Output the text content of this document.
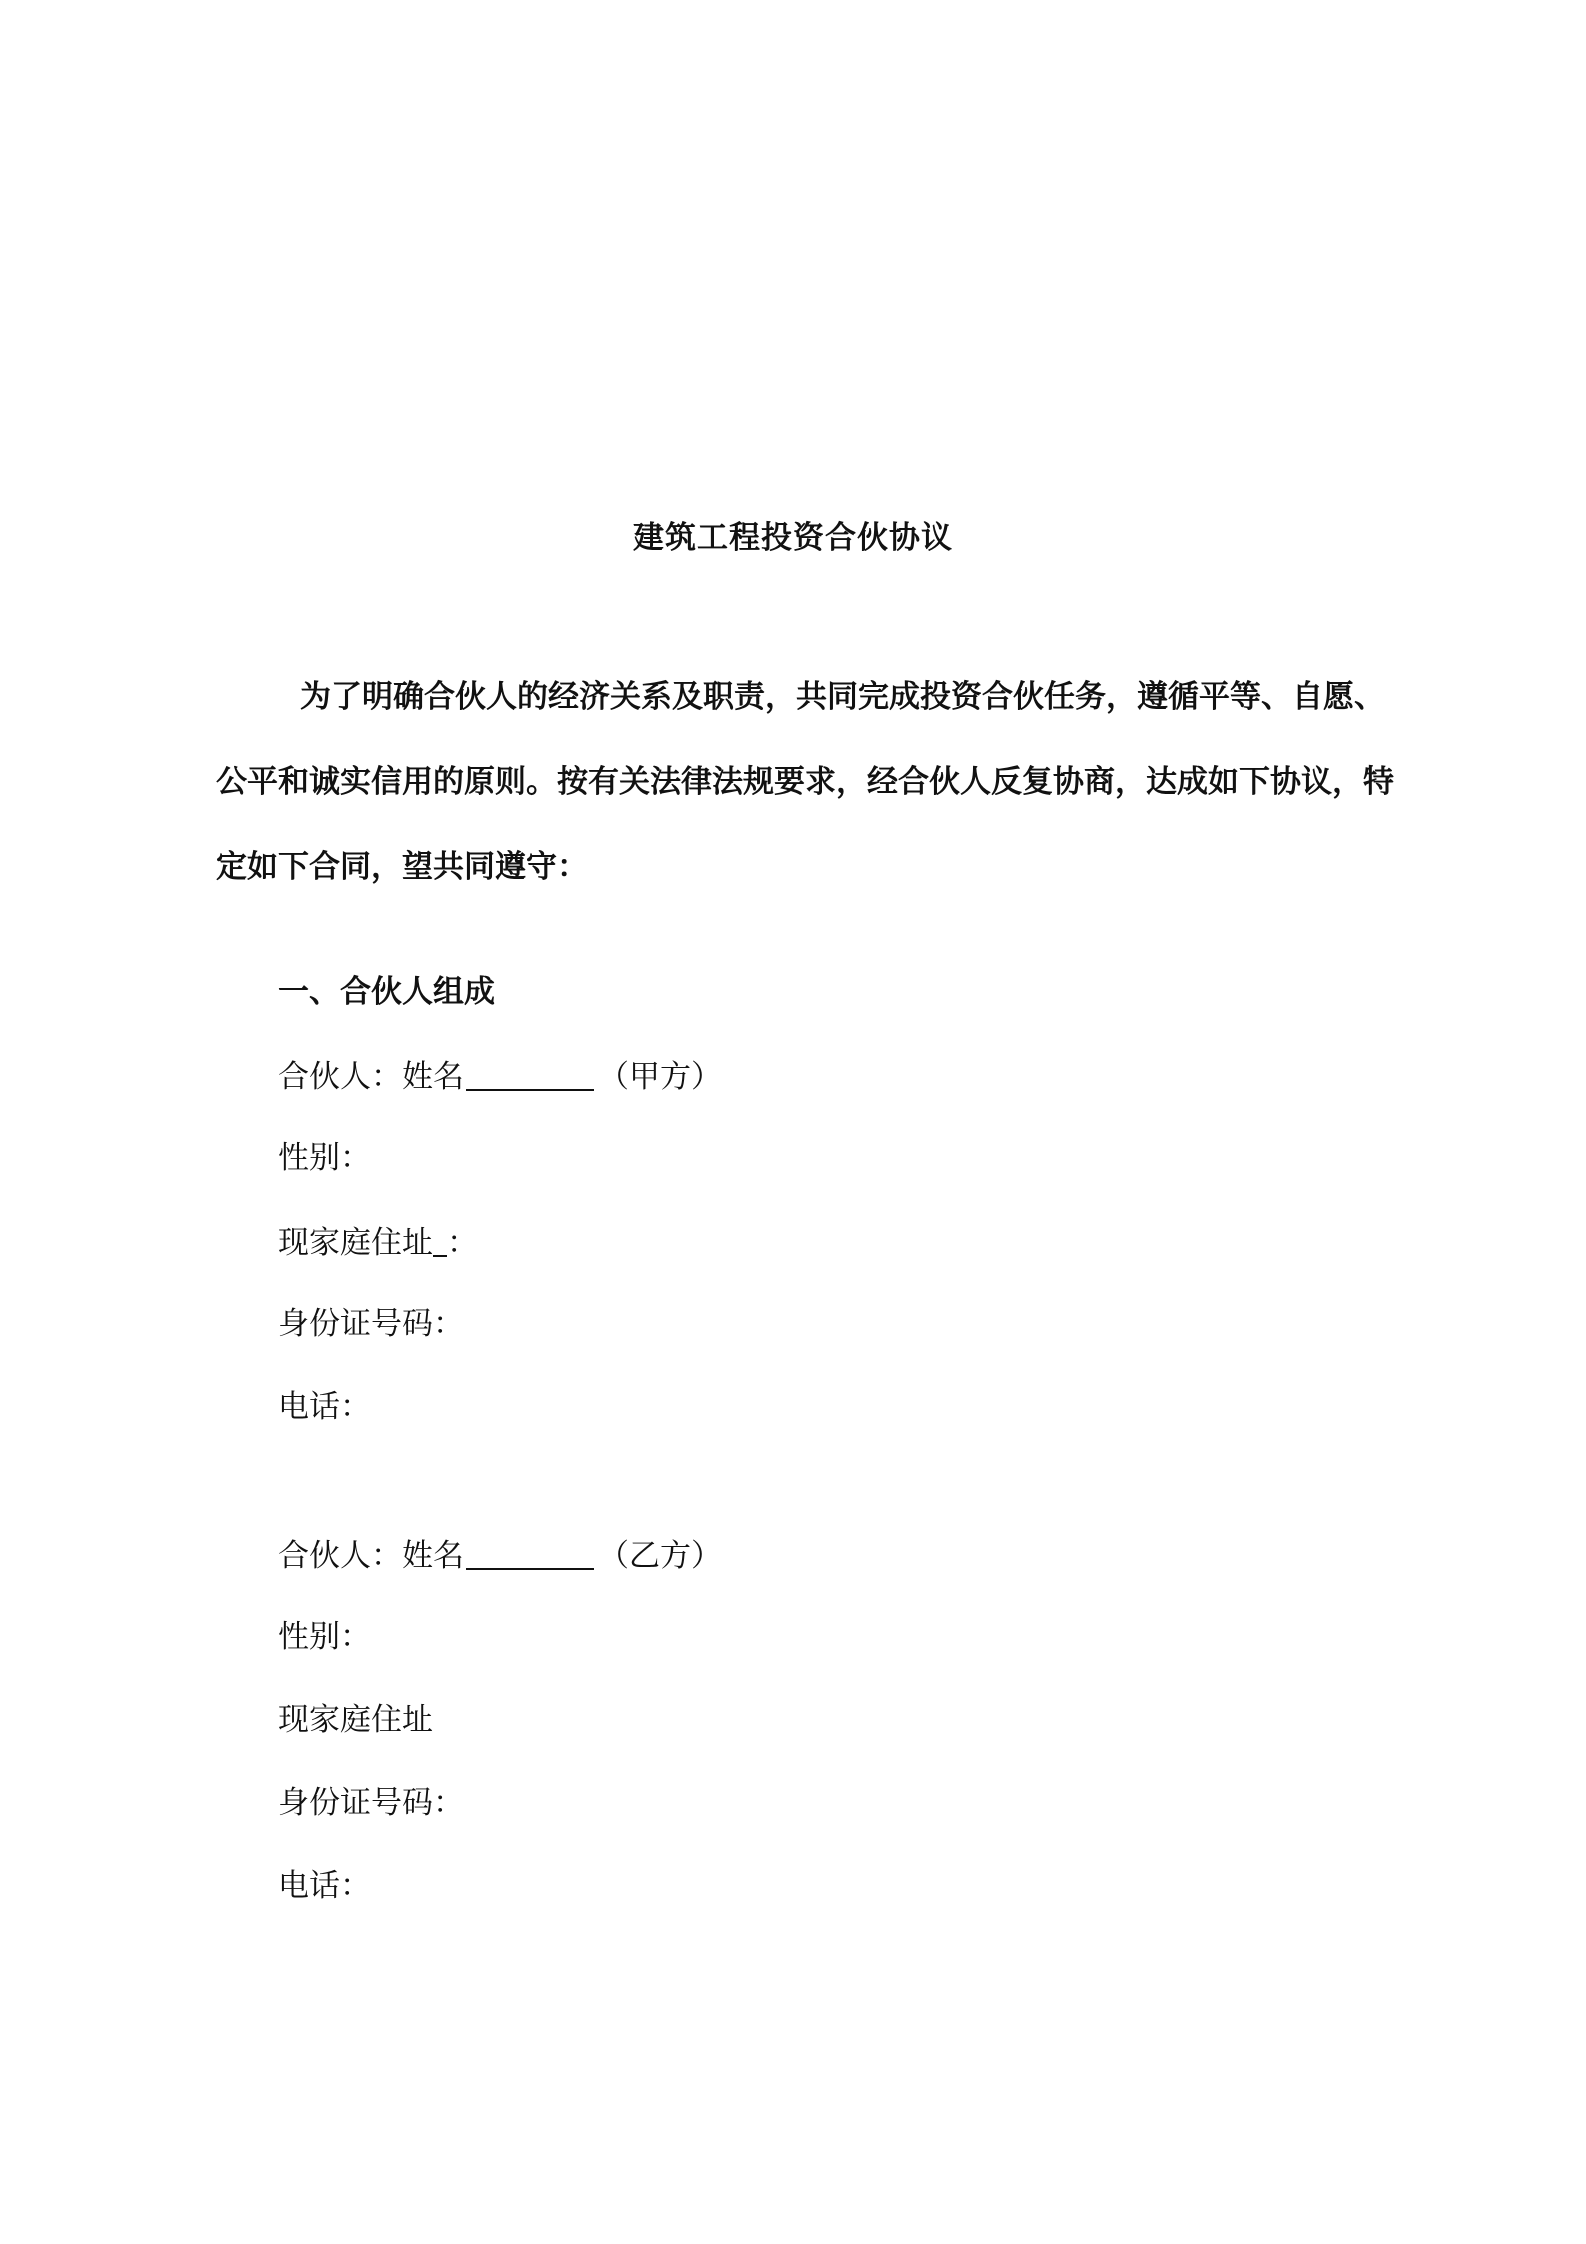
建筑工程投资合伙协议
为了明确合伙人的经济关系及职责，共同完成投资合伙任务，遵循平等、自愿、
公平和诚实信用的原则。按有关法律法规要求，经合伙人反复协商，达成如下协议，特
定如下合同，望共同遵守：
一、合伙人组成
合伙人：姓名	（甲方）
性别：
现家庭住址 ：
身份证号码：
电话：
合伙人：姓名	（乙方）
性别：
现家庭住址
身份证号码：
电话：
